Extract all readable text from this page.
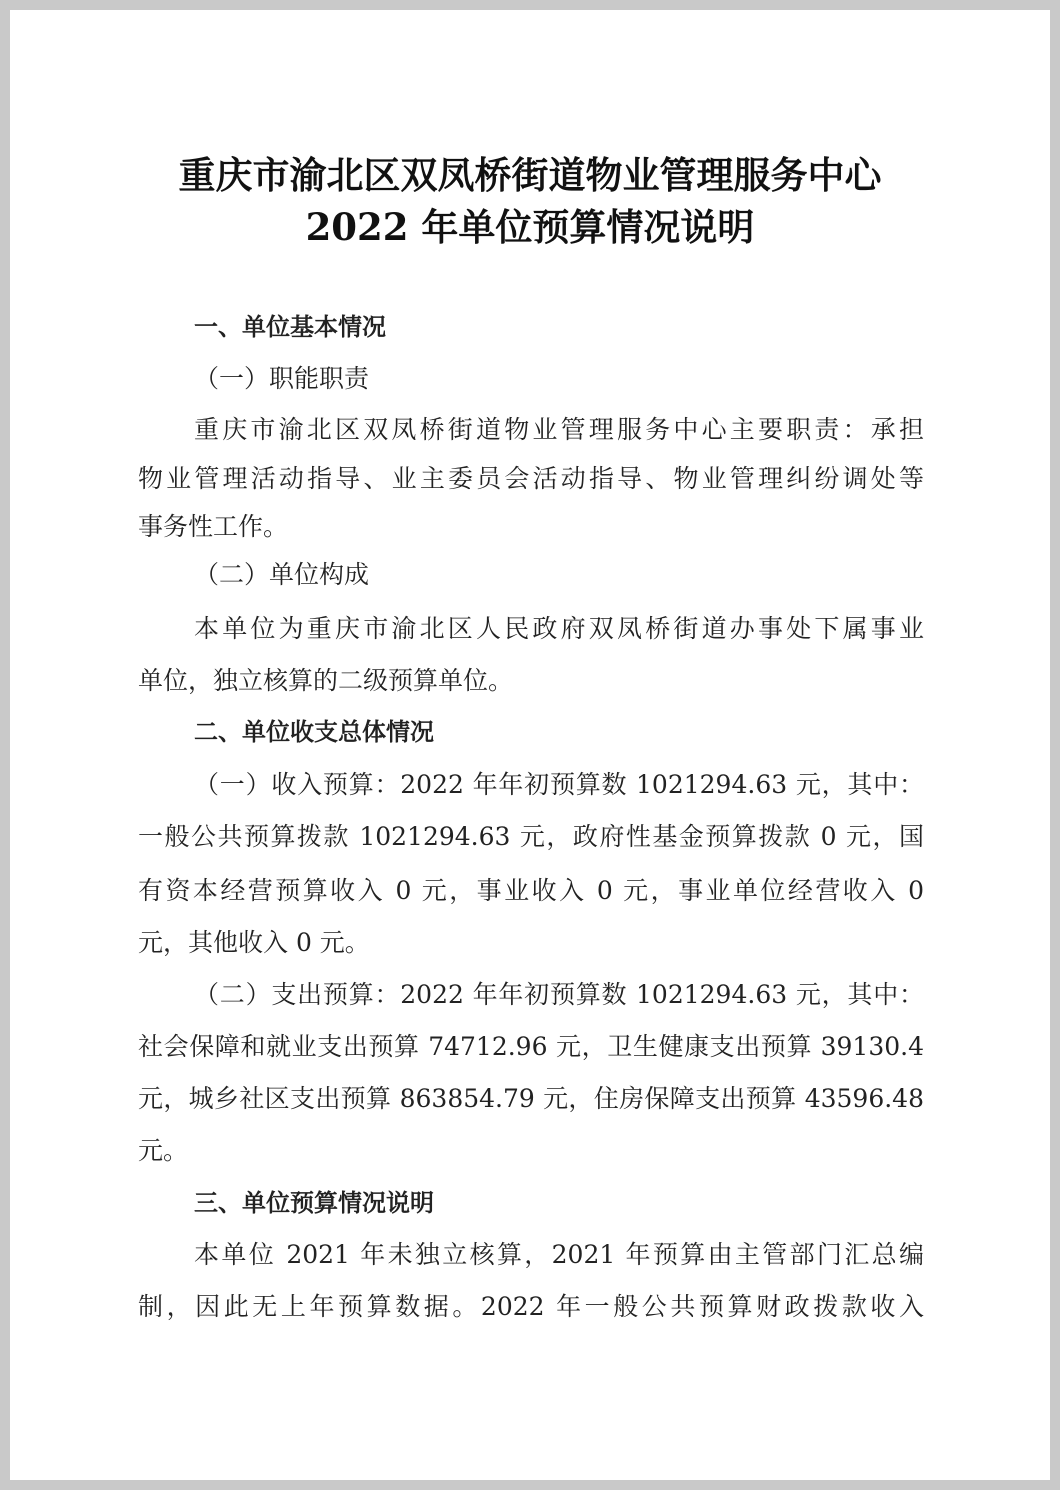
重庆市渝北区双凤桥街道物业管理服务中心
2022 年单位预算情况说明
一、单位基本情况
（一）职能职责
重庆市渝北区双凤桥街道物业管理服务中心主要职责：承担
物业管理活动指导、业主委员会活动指导、物业管理纠纷调处等
事务性工作。
（二）单位构成
本单位为重庆市渝北区人民政府双凤桥街道办事处下属事业
单位，独立核算的二级预算单位。
二、单位收支总体情况
（一）收入预算：2022 年年初预算数 1021294.63 元，其中：
一般公共预算拨款 1021294.63 元，政府性基金预算拨款 0 元，国
有资本经营预算收入 0 元，事业收入 0 元，事业单位经营收入 0
元，其他收入 0 元。
（二）支出预算：2022 年年初预算数 1021294.63 元，其中：
社会保障和就业支出预算 74712.96 元，卫生健康支出预算 39130.4
元，城乡社区支出预算 863854.79 元，住房保障支出预算 43596.48
元。
三、单位预算情况说明
本单位 2021 年未独立核算，2021 年预算由主管部门汇总编
制，因此无上年预算数据。2022 年一般公共预算财政拨款收入
